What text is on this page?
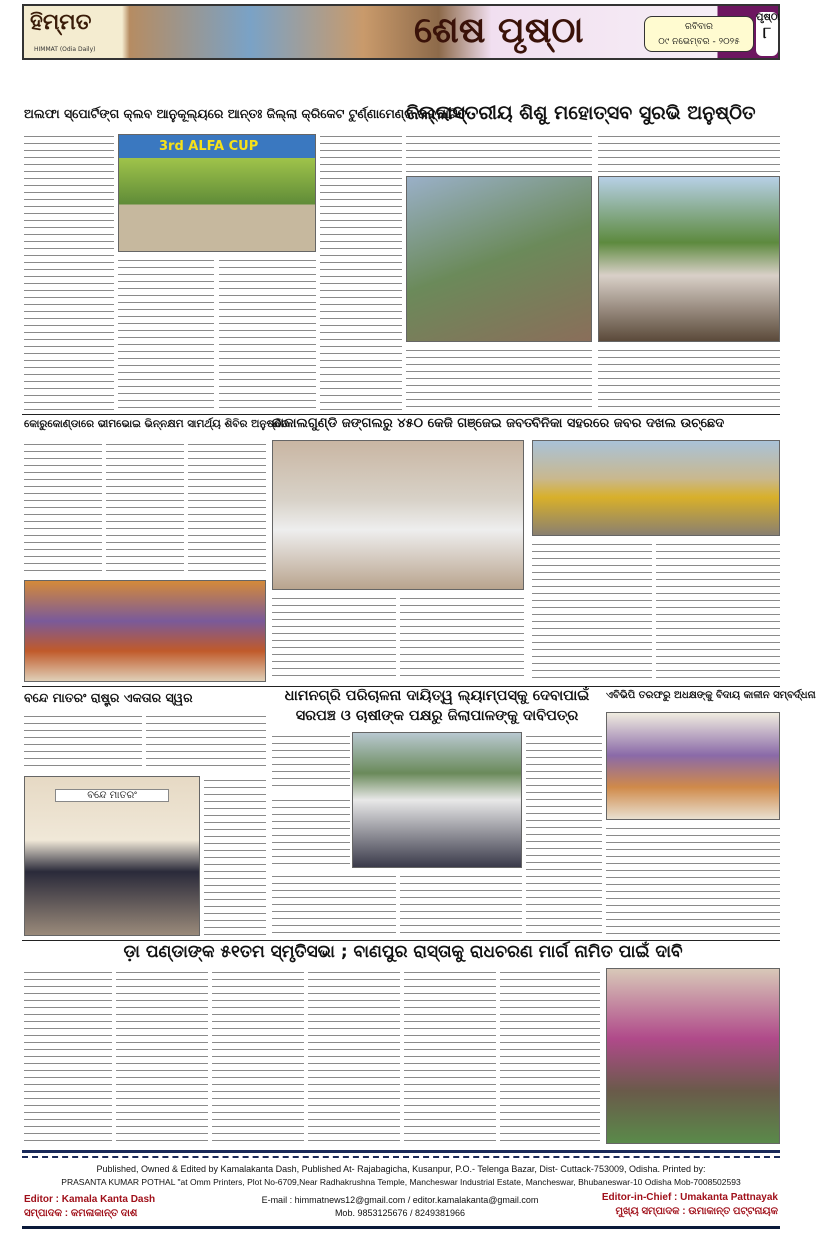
ହିମ୍ମତ
HIMMAT (Odia Daily)	ଶେଷ ପୃଷ୍ଠା	ରବିବାର
୦୯ ନଭେମ୍ବର - ୨୦୨୫
ପୃଷ୍ଠା
୮
ଅଲଫା ସ୍ପୋର୍ଟିଙ୍ଗ କ୍ଲବ ଆନୁକୂଲ୍ୟରେ ଆନ୍ତଃ ଜିଲ୍ଲା କ୍ରିକେଟ ଟୁର୍ଣ୍ଣାମେଣ୍ଟ ଉଦ୍‌ଘାଟିତ
ଜିଲ୍ଲାସ୍ତରୀୟ ଶିଶୁ ମହୋତ୍ସବ ସୁରଭି ଅନୁଷ୍ଠିତ
3rd ALFA CUP
କୋରୁକୋଣ୍ଡାରେ ଭୀମଭୋଇ ଭିନ୍ନକ୍ଷମ ସାମର୍ଥ୍ୟ ଶିବିର ଅନୁଷ୍ଠିତ
ଜାକାଲଗୁଣ୍ଡି ଜଙ୍ଗଲରୁ ୪୫୦ କେଜି ଗଞ୍ଜେଇ ଜବତ
ବିନିକା ସହରରେ ଜବର ଦଖଲ ଉଚ୍ଛେଦ
ବନ୍ଦେ ମାତରଂ ରାଷ୍ଟ୍ର ଏକତାର ସ୍ୱର	ଧାମନଗ୍ରି ପରିଚାଳନା ଦାୟିତ୍ୱ ଲ୍ୟାମ୍ପସ୍‌କୁ ଦେବାପାଇଁ
ସରପଞ୍ଚ ଓ ଚାଷୀଙ୍କ ପକ୍ଷରୁ ଜିଲାପାଳଙ୍କୁ ଦାବିପତ୍ର
ଏବିଭିପି ତରଫରୁ ଅଧକ୍ଷଙ୍କୁ ବିଦାୟ କାଳୀନ ସମ୍ବର୍ଦ୍ଧନା
ବନ୍ଦେ ମାତରଂ
ଡ଼ା ପଣ୍ଡାଙ୍କ ୫୧ତମ ସ୍ମୃତିସଭା ; ବାଣପୁର ରାସ୍ତାକୁ ରାଧଚରଣ ମାର୍ଗ ନାମିତ ପାଇଁ ଦାବି
Published, Owned & Edited by Kamalakanta Dash, Published At- Rajabagicha, Kusanpur, P.O.- Telenga Bazar, Dist- Cuttack-753009, Odisha. Printed by:
PRASANTA KUMAR POTHAL "at Omm Printers, Plot No-6709,Near Radhakrushna Temple, Mancheswar Industrial Estate, Mancheswar, Bhubaneswar-10 Odisha Mob-7008502593
Editor : Kamala Kanta Dash
ସମ୍ପାଦକ : କମଳାକାନ୍ତ ଦାଶ
E-mail : himmatnews12@gmail.com / editor.kamalakanta@gmail.com
Mob. 9853125676 / 8249381966
Editor-in-Chief : Umakanta Pattnayak
ମୁଖ୍ୟ ସମ୍ପାଦକ : ଉମାକାନ୍ତ ପଟ୍ଟନାୟକ
